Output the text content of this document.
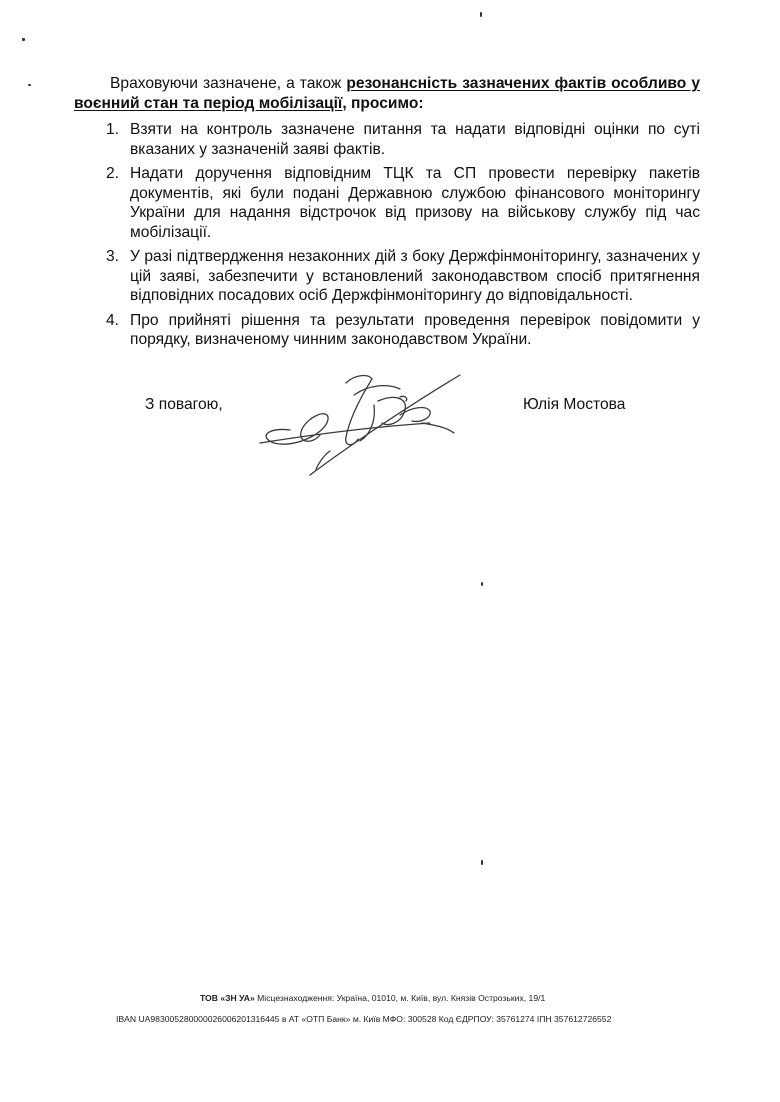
Враховуючи зазначене, а також резонансність зазначених фактів особливо у воєнний стан та період мобілізації, просимо:

1. Взяти на контроль зазначене питання та надати відповідні оцінки по суті вказаних у зазначеній заяві фактів.
2. Надати доручення відповідним ТЦК та СП провести перевірку пакетів документів, які були подані Державною службою фінансового моніторингу України для надання відстрочок від призову на військову службу під час мобілізації.
3. У разі підтвердження незаконних дій з боку Держфінмоніторингу, зазначених у цій заяві, забезпечити у встановлений законодавством спосіб притягнення відповідних посадових осіб Держфінмоніторингу до відповідальності.
4. Про прийняті рішення та результати проведення перевірок повідомити у порядку, визначеному чинним законодавством України.
З повагою,	Юлія Мостова
ТОВ «ЗН УА» Місцезнаходження: Україна, 01010, м. Київ, вул. Князів Острозьких, 19/1
IBAN UA983005280000026006201316445 в АТ «ОТП Банк» м. Київ МФО: 300528 Код ЄДРПОУ: 35761274 ІПН 357612726552
